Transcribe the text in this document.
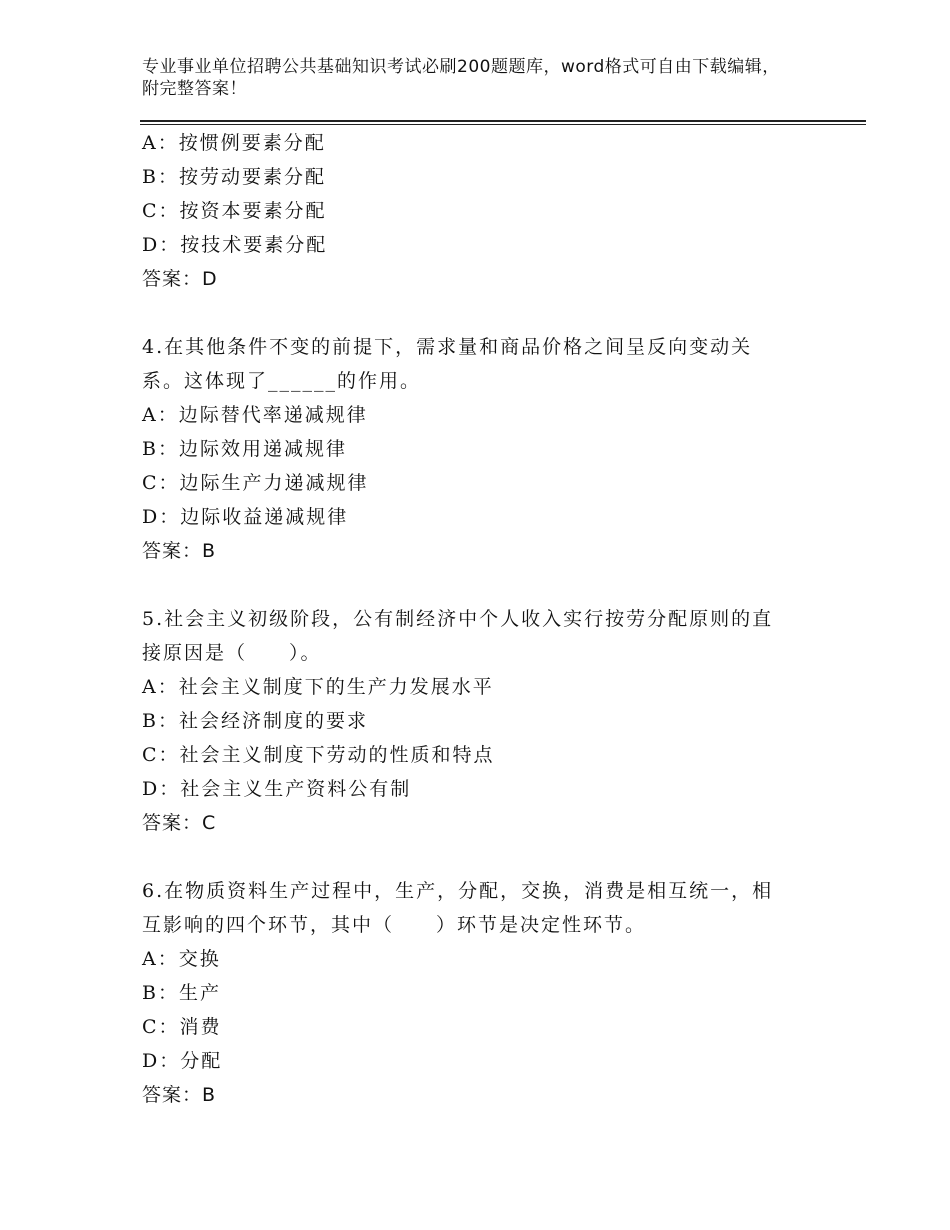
专业事业单位招聘公共基础知识考试必刷200题题库，word格式可自由下载编辑，附完整答案！
A：按惯例要素分配
B：按劳动要素分配
C：按资本要素分配
D：按技术要素分配
答案：D
4.在其他条件不变的前提下，需求量和商品价格之间呈反向变动关
系。这体现了______的作用。
A：边际替代率递减规律
B：边际效用递减规律
C：边际生产力递减规律
D：边际收益递减规律
答案：B
5.社会主义初级阶段，公有制经济中个人收入实行按劳分配原则的直
接原因是（　　）。
A：社会主义制度下的生产力发展水平
B：社会经济制度的要求
C：社会主义制度下劳动的性质和特点
D：社会主义生产资料公有制
答案：C
6.在物质资料生产过程中，生产，分配，交换，消费是相互统一，相
互影响的四个环节，其中（　　）环节是决定性环节。
A：交换
B：生产
C：消费
D：分配
答案：B
